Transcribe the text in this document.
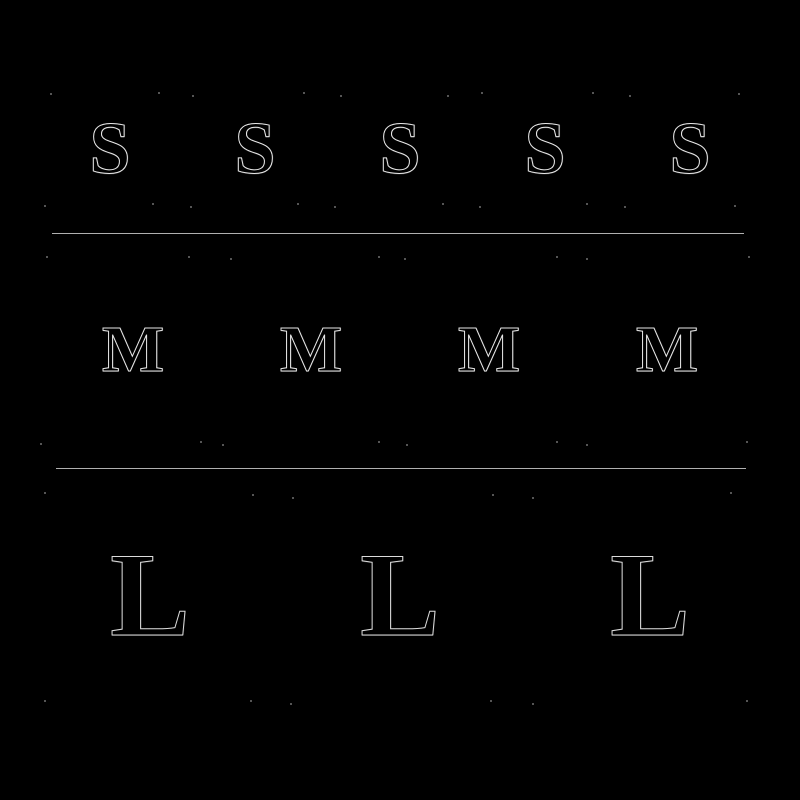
S	S	S	S	S
M	M	M	M
L	L	L
